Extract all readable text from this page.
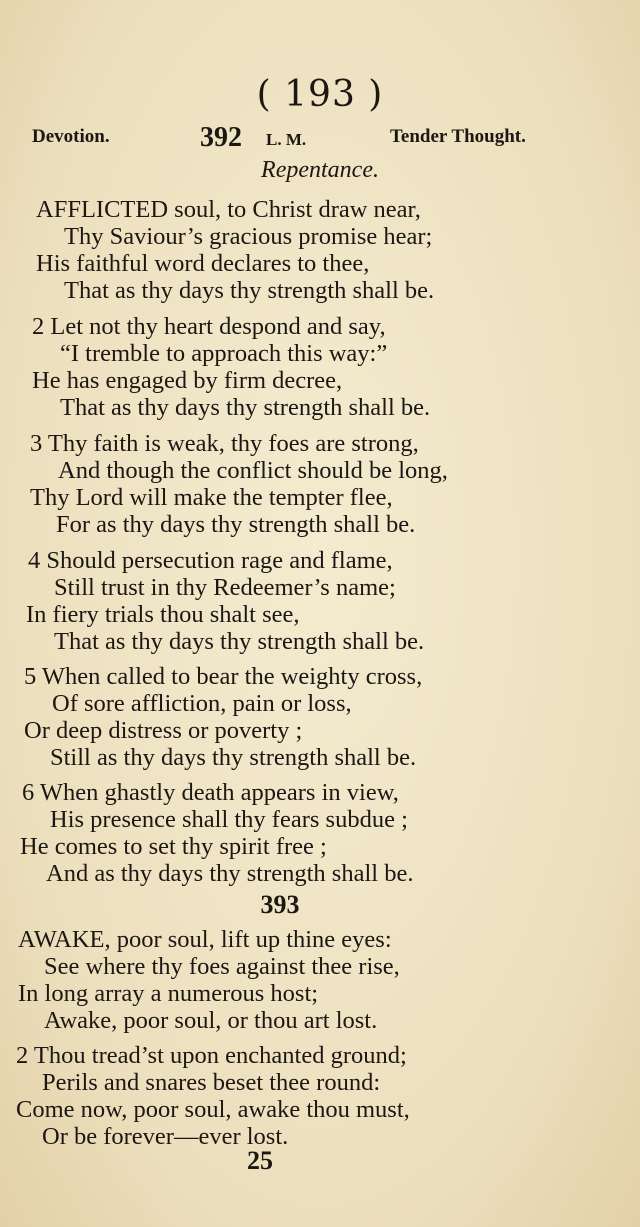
( 193 )
Devotion.	392 L. M.	Tender Thought.
Repentance.
AFFLICTED soul, to Christ draw near,
Thy Saviour’s gracious promise hear;
His faithful word declares to thee,
That as thy days thy strength shall be.
2 Let not thy heart despond and say,
“I tremble to approach this way:”
He has engaged by firm decree,
That as thy days thy strength shall be.
3 Thy faith is weak, thy foes are strong,
And though the conflict should be long,
Thy Lord will make the tempter flee,
For as thy days thy strength shall be.
4 Should persecution rage and flame,
Still trust in thy Redeemer’s name;
In fiery trials thou shalt see,
That as thy days thy strength shall be.
5 When called to bear the weighty cross,
Of sore affliction, pain or loss,
Or deep distress or poverty ;
Still as thy days thy strength shall be.
6 When ghastly death appears in view,
His presence shall thy fears subdue ;
He comes to set thy spirit free ;
And as thy days thy strength shall be.
393
AWAKE, poor soul, lift up thine eyes:
See where thy foes against thee rise,
In long array a numerous host;
Awake, poor soul, or thou art lost.
2 Thou tread’st upon enchanted ground;
Perils and snares beset thee round:
Come now, poor soul, awake thou must,
Or be forever—ever lost.
25
